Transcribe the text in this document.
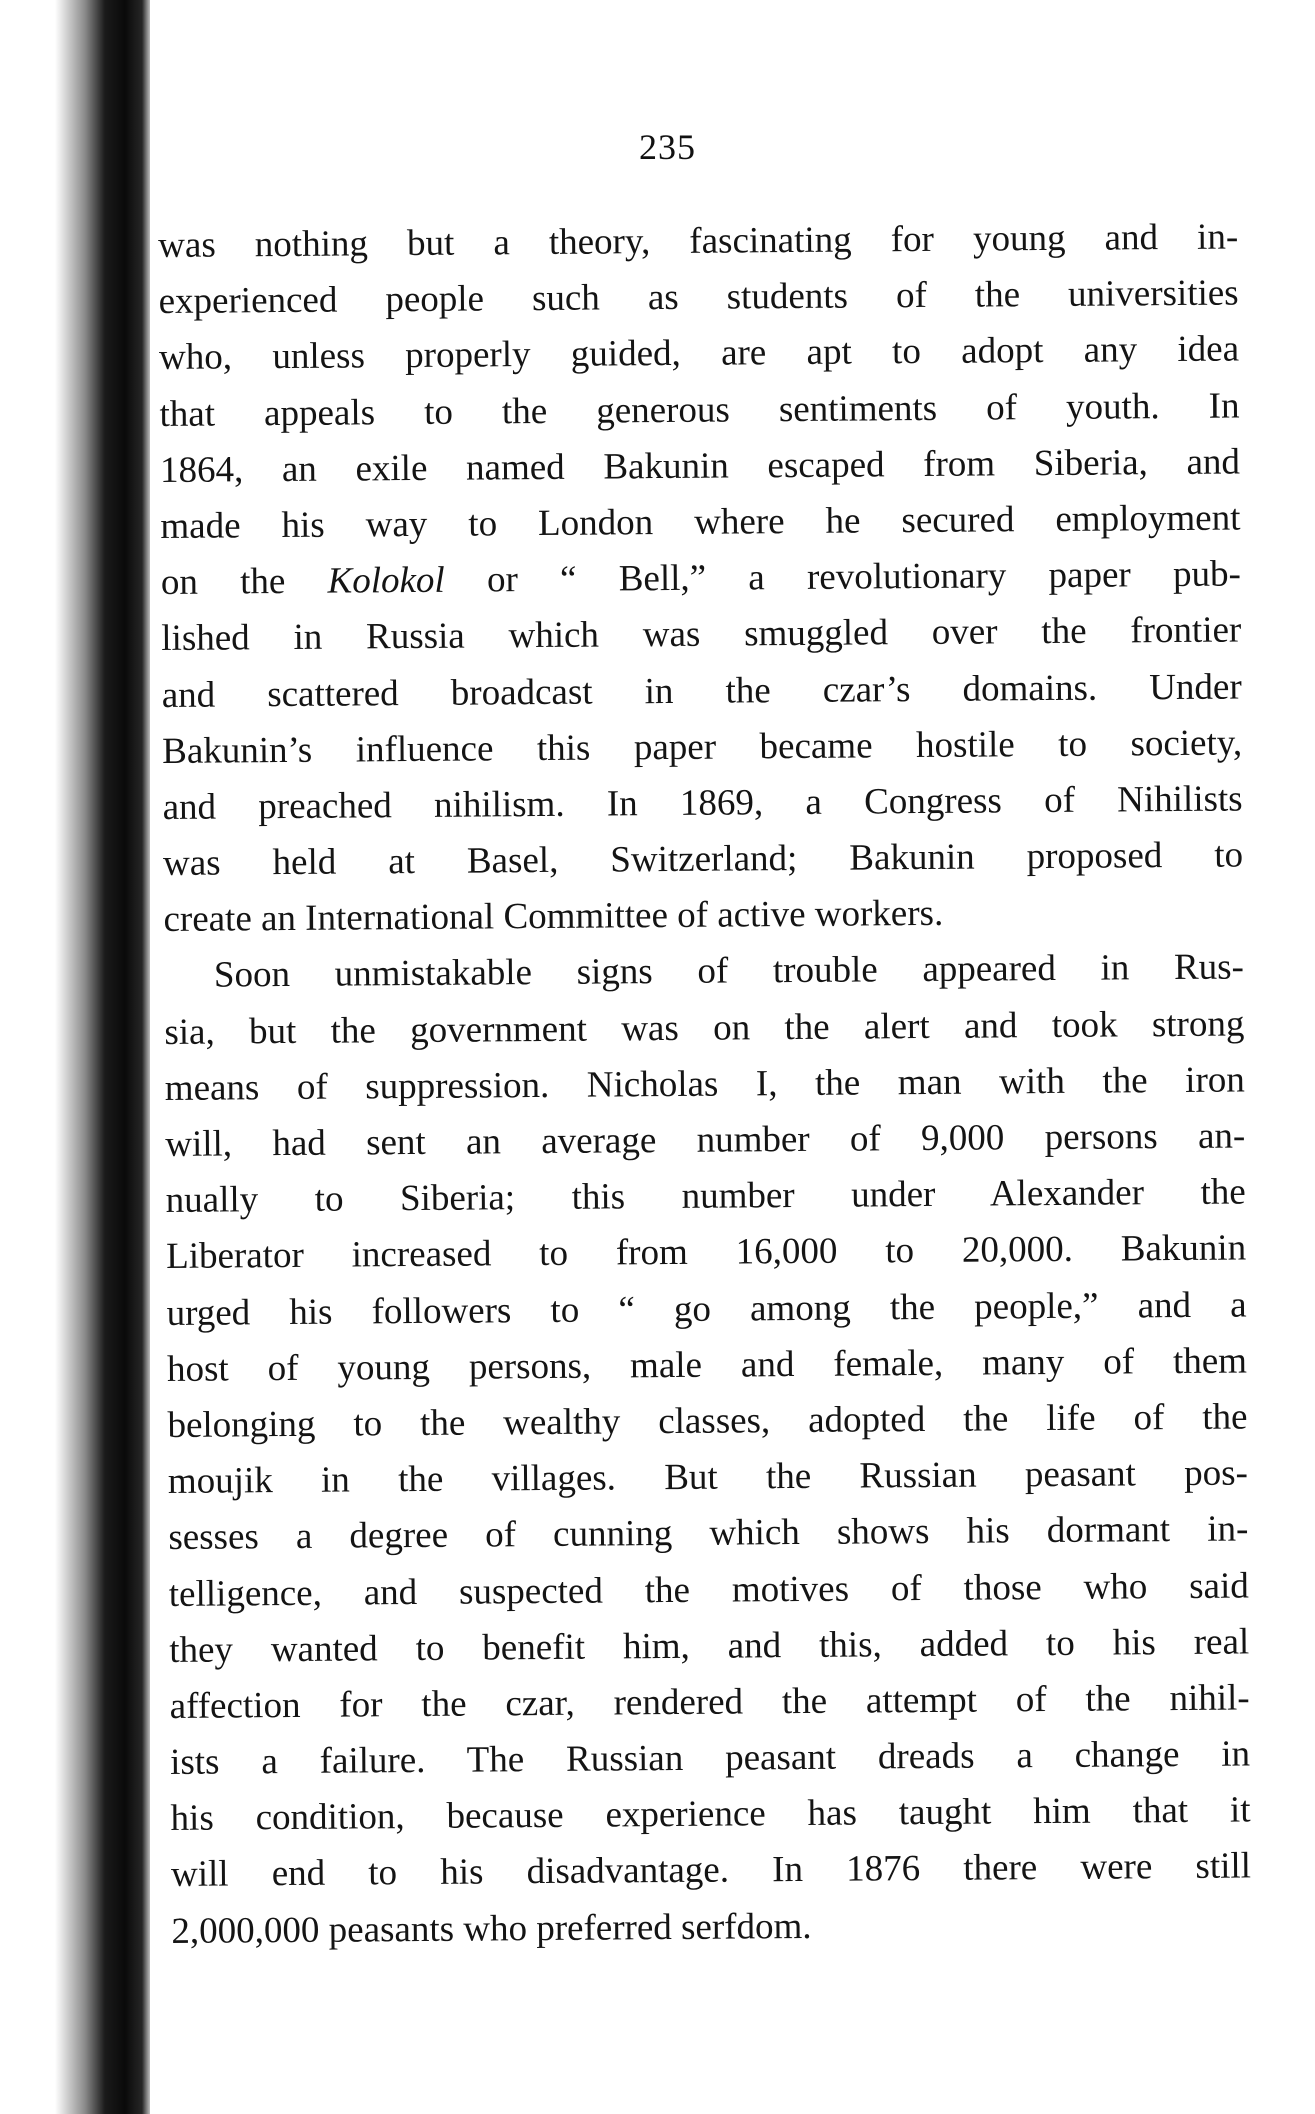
235
was nothing but a theory, fascinating for young and in-
experienced people such as students of the universities
who, unless properly guided, are apt to adopt any idea
that appeals to the generous sentiments of youth. In
1864, an exile named Bakunin escaped from Siberia, and
made his way to London where he secured employment
on the Kolokol or “ Bell,” a revolutionary paper pub-
lished in Russia which was smuggled over the frontier
and scattered broadcast in the czar’s domains. Under
Bakunin’s influence this paper became hostile to society,
and preached nihilism. In 1869, a Congress of Nihilists
was held at Basel, Switzerland; Bakunin proposed to
create an International Committee of active workers.
Soon unmistakable signs of trouble appeared in Rus-
sia, but the government was on the alert and took strong
means of suppression. Nicholas I, the man with the iron
will, had sent an average number of 9,000 persons an-
nually to Siberia; this number under Alexander the
Liberator increased to from 16,000 to 20,000. Bakunin
urged his followers to “ go among the people,” and a
host of young persons, male and female, many of them
belonging to the wealthy classes, adopted the life of the
moujik in the villages. But the Russian peasant pos-
sesses a degree of cunning which shows his dormant in-
telligence, and suspected the motives of those who said
they wanted to benefit him, and this, added to his real
affection for the czar, rendered the attempt of the nihil-
ists a failure. The Russian peasant dreads a change in
his condition, because experience has taught him that it
will end to his disadvantage. In 1876 there were still
2,000,000 peasants who preferred serfdom.
